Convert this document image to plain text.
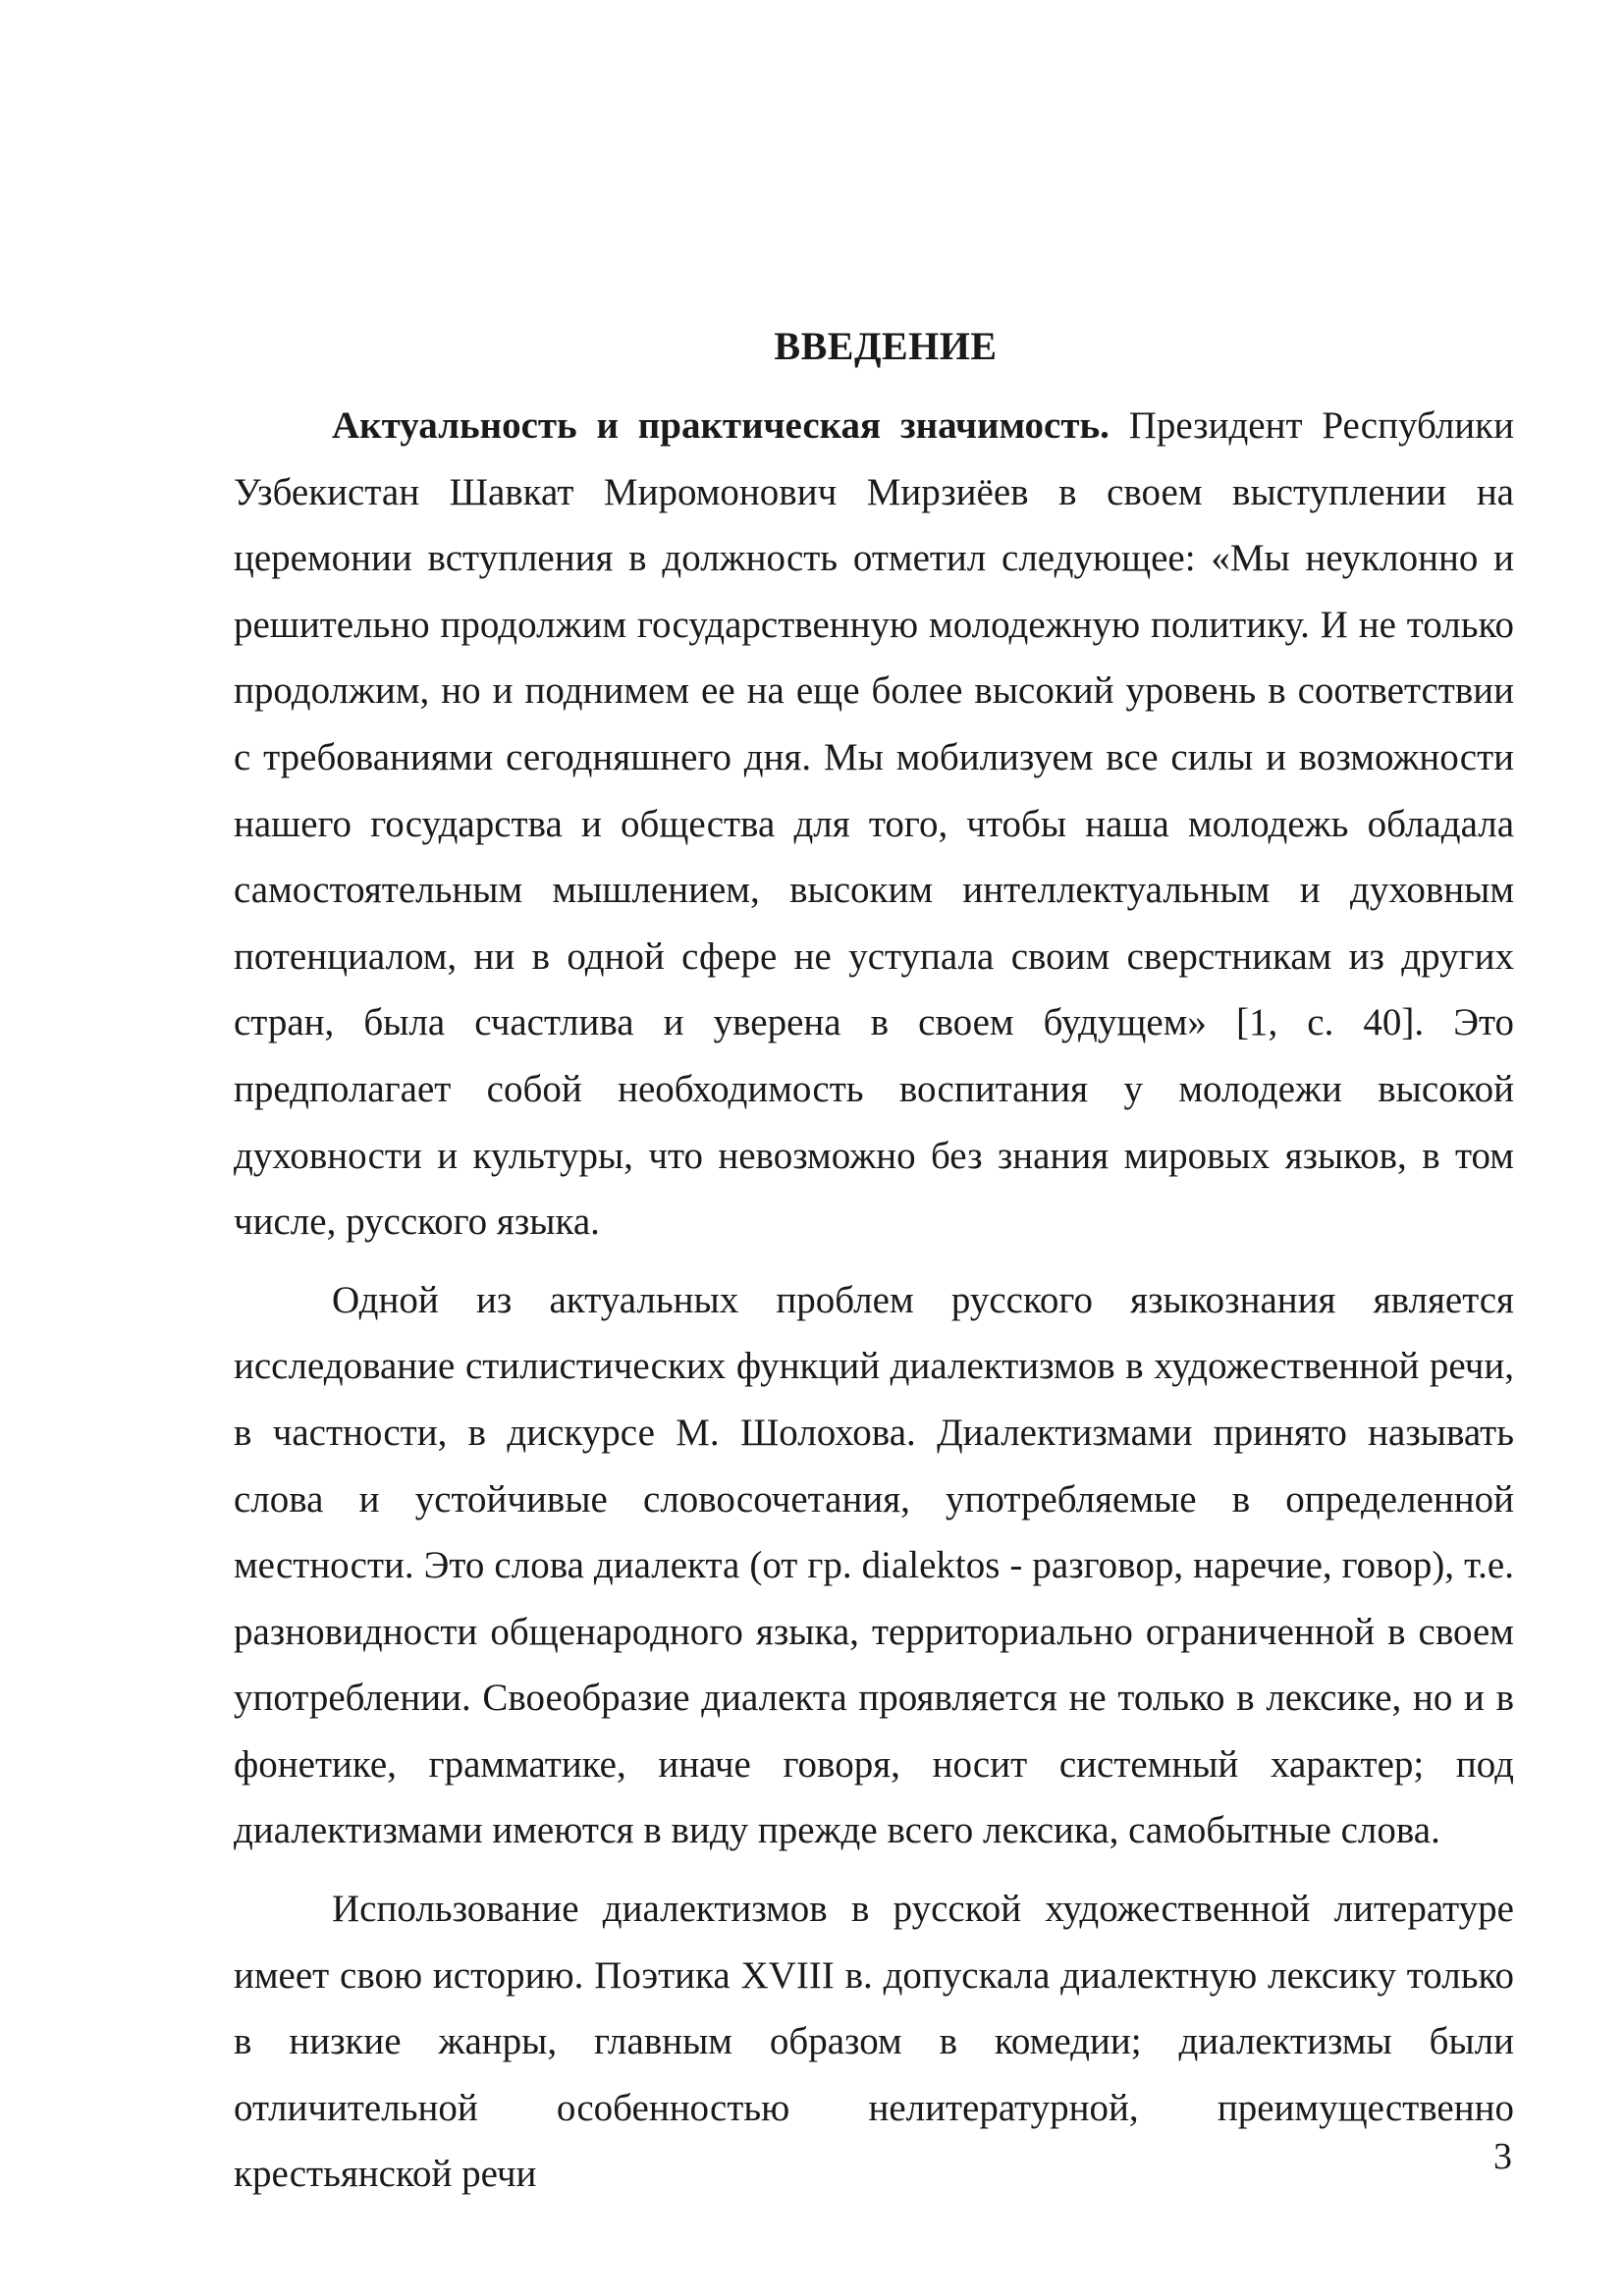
ВВЕДЕНИЕ

Актуальность и практическая значимость. Президент Республики Узбекистан Шавкат Миромонович Мирзиёев в своем выступлении на церемонии вступления в должность отметил следующее: «Мы неуклонно и решительно продолжим государственную молодежную политику. И не только продолжим, но и поднимем ее на еще более высокий уровень в соответствии с требованиями сегодняшнего дня. Мы мобилизуем все силы и возможности нашего государства и общества для того, чтобы наша молодежь обладала самостоятельным мышлением, высоким интеллектуальным и духовным потенциалом, ни в одной сфере не уступала своим сверстникам из других стран, была счастлива и уверена в своем будущем» [1, с. 40]. Это предполагает собой необходимость воспитания у молодежи высокой духовности и культуры, что невозможно без знания мировых языков, в том числе, русского языка.

Одной из актуальных проблем русского языкознания является исследование стилистических функций диалектизмов в художественной речи, в частности, в дискурсе М. Шолохова. Диалектизмами принято называть слова и устойчивые словосочетания, употребляемые в определенной местности. Это слова диалекта (от гр. dialektos - разговор, наречие, говор), т.е. разновидности общенародного языка, территориально ограниченной в своем употреблении. Своеобразие диалекта проявляется не только в лексике, но и в фонетике, грамматике, иначе говоря, носит системный характер; под диалектизмами имеются в виду прежде всего лексика, самобытные слова.

Использование диалектизмов в русской художественной литературе имеет свою историю. Поэтика XVIII в. допускала диалектную лексику только в низкие жанры, главным образом в комедии; диалектизмы были отличительной особенностью нелитературной, преимущественно крестьянской речи	3
